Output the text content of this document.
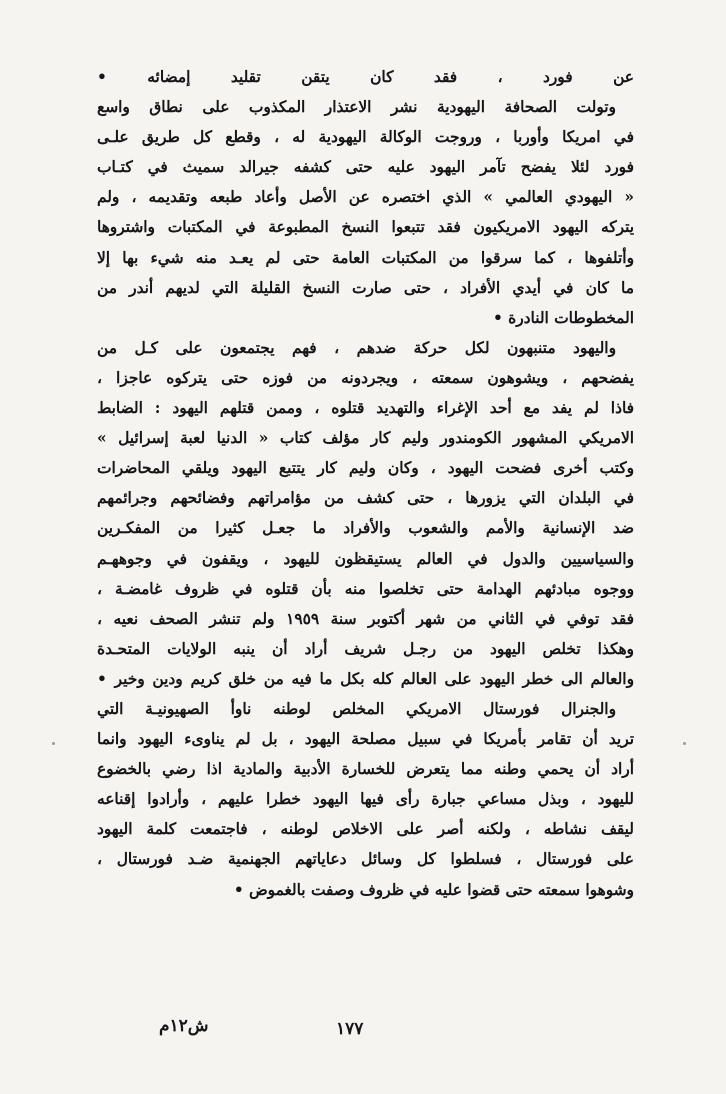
عن فورد ، فقد كان يتقن تقليد إمضائه •
وتولت الصحافة اليهودية نشر الاعتذار المكذوب على نطاق واسع
في امريكا وأوربا ، وروجت الوكالة اليهودية له ، وقطع كل طريق علـى
فورد لئلا يفضح تآمر اليهود عليه حتى كشفه جيرالد سميث في كتـاب
« اليهودي العالمي » الذي اختصره عن الأصل وأعاد طبعه وتقديمه ، ولم
يتركه اليهود الامريكيون فقد تتبعوا النسخ المطبوعة في المكتبات واشتروها
وأتلفوها ، كما سرقوا من المكتبات العامة حتى لم يعـد منه شيء بها إلا
ما كان في أيدي الأفراد ، حتى صارت النسخ القليلة التي لديهم أندر من
المخطوطات النادرة •
واليهود متنبهون لكل حركة ضدهم ، فهم يجتمعون على كـل من
يفضحهم ، ويشوهون سمعته ، ويجردونه من فوزه حتى يتركوه عاجزا ،
فاذا لم يفد مع أحد الإغراء والتهديد قتلوه ، وممن قتلهم اليهود : الضابط
الامريكي المشهور الكومندور وليم كار مؤلف كتاب « الدنيا لعبة إسرائيل »
وكتب أخرى فضحت اليهود ، وكان وليم كار يتتبع اليهود ويلقي المحاضرات
في البلدان التي يزورها ، حتى كشف من مؤامراتهم وفضائحهم وجرائمهم
ضد الإنسانية والأمم والشعوب والأفراد ما جعـل كثيرا من المفكـرين
والسياسيين والدول في العالم يستيقظون لليهود ، ويقفون في وجوههـم
ووجوه مبادئهم الهدامة حتى تخلصوا منه بأن قتلوه في ظروف غامضـة ،
فقد توفي في الثاني من شهر أكتوبر سنة ١٩٥٩ ولم تنشر الصحف نعيه ،
وهكذا تخلص اليهود من رجـل شريف أراد أن ينبه الولايات المتحـدة
والعالم الى خطر اليهود على العالم كله بكل ما فيه من خلق كريم ودين وخير •
والجنرال فورستال الامريكي المخلص لوطنه ناوأ الصهيونيـة التي
تريد أن تقامر بأمريكا في سبيل مصلحة اليهود ، بل لم يناوىء اليهود وانما
أراد أن يحمي وطنه مما يتعرض للخسارة الأدبية والمادية اذا رضي بالخضوع
لليهود ، وبذل مساعي جبارة رأى فيها اليهود خطرا عليهم ، وأرادوا إقناعه
ليقف نشاطه ، ولكنه أصر على الاخلاص لوطنه ، فاجتمعت كلمة اليهود
على فورستال ، فسلطوا كل وسائل دعاياتهم الجهنمية ضـد فورستال ،
وشوهوا سمعته حتى قضوا عليه في ظروف وصفت بالغموض •
١٧٧
ش١٢م
